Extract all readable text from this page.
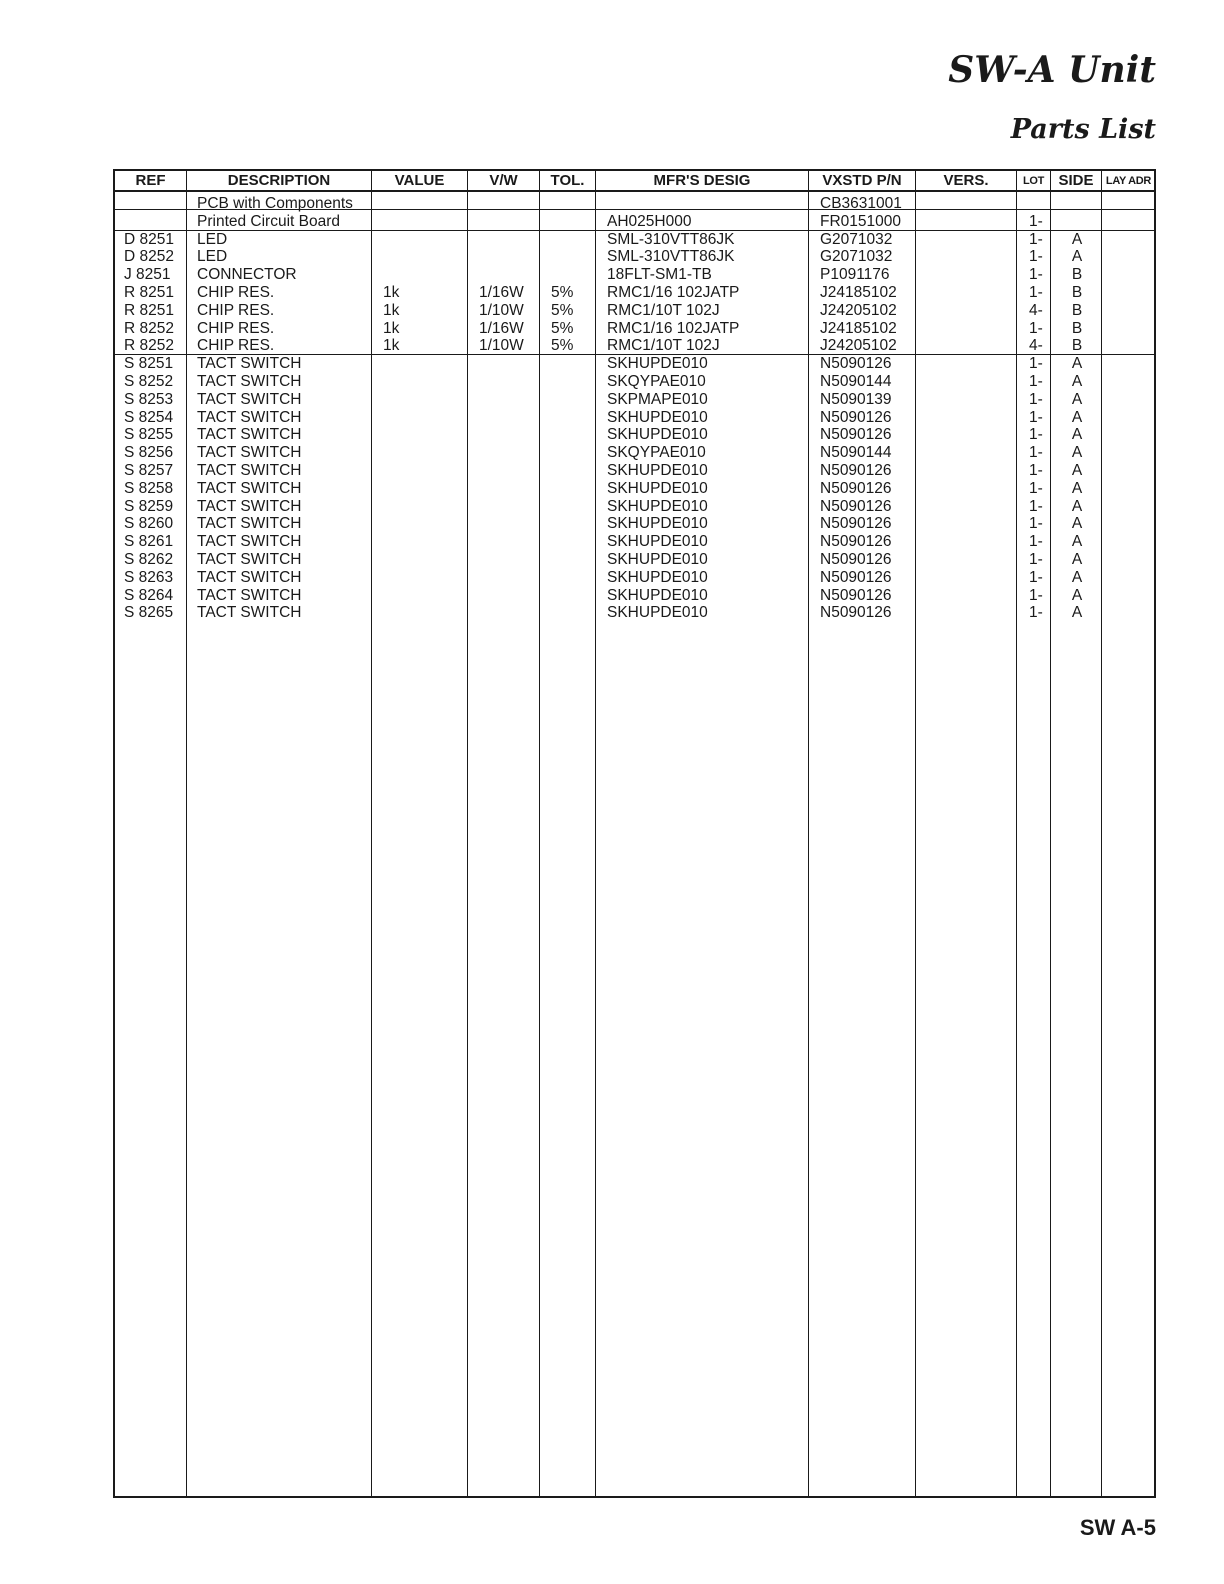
SW-A Unit
Parts List
REF	DESCRIPTION	VALUE	V/W	TOL.	MFR'S DESIG	VXSTD P/N	VERS.	LOT SIDE	LAY ADR
PCB with Components	CB3631001
Printed Circuit Board	AH025H000	FR0151000	1-
D 8251	LED	SML-310VTT86JK	G2071032	1-	A
D 8252	LED	SML-310VTT86JK	G2071032	1-	A
J 8251	CONNECTOR	18FLT-SM1-TB	P1091176	1-	B
R 8251	CHIP RES.	1k	1/16W	5%	RMC1/16 102JATP	J24185102	1-	B
R 8251	CHIP RES.	1k	1/10W	5%	RMC1/10T 102J	J24205102	4-	B
R 8252	CHIP RES.	1k	1/16W	5%	RMC1/16 102JATP	J24185102	1-	B
R 8252	CHIP RES.	1k	1/10W	5%	RMC1/10T 102J	J24205102	4-	B
S 8251	TACT SWITCH	SKHUPDE010	N5090126	1-	A
S 8252	TACT SWITCH	SKQYPAE010	N5090144	1-	A
S 8253	TACT SWITCH	SKPMAPE010	N5090139	1-	A
S 8254	TACT SWITCH	SKHUPDE010	N5090126	1-	A
S 8255	TACT SWITCH	SKHUPDE010	N5090126	1-	A
S 8256	TACT SWITCH	SKQYPAE010	N5090144	1-	A
S 8257	TACT SWITCH	SKHUPDE010	N5090126	1-	A
S 8258	TACT SWITCH	SKHUPDE010	N5090126	1-	A
S 8259	TACT SWITCH	SKHUPDE010	N5090126	1-	A
S 8260	TACT SWITCH	SKHUPDE010	N5090126	1-	A
S 8261	TACT SWITCH	SKHUPDE010	N5090126	1-	A
S 8262	TACT SWITCH	SKHUPDE010	N5090126	1-	A
S 8263	TACT SWITCH	SKHUPDE010	N5090126	1-	A
S 8264	TACT SWITCH	SKHUPDE010	N5090126	1-	A
S 8265	TACT SWITCH	SKHUPDE010	N5090126	1-	A
SW A-5
